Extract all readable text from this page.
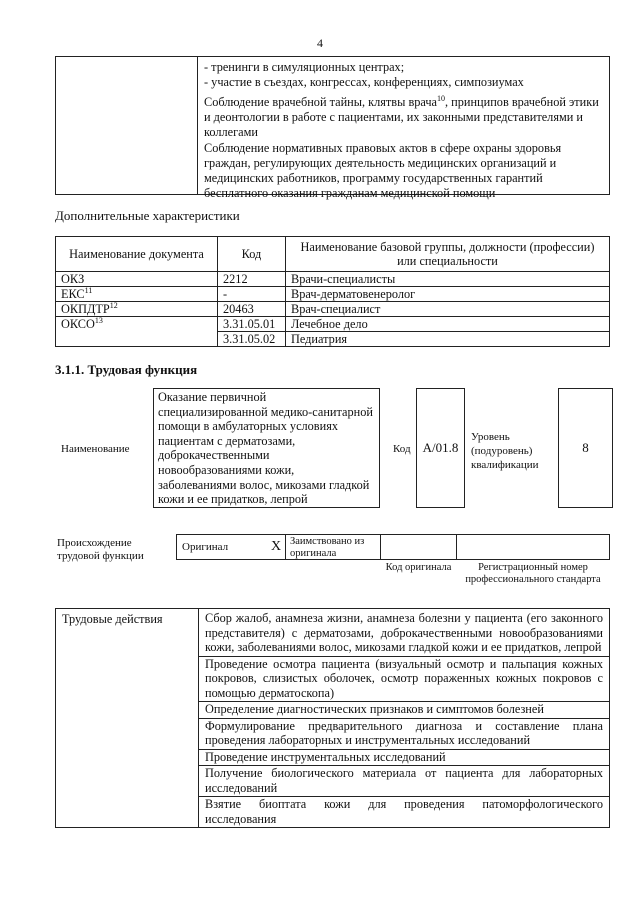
4
- тренинги в симуляционных центрах;
- участие в съездах, конгрессах, конференциях, симпозиумах
Соблюдение врачебной тайны, клятвы врача$^{10}$, принципов врачебной этики и деонтологии в работе с пациентами, их законными представителями и коллегами
Соблюдение нормативных правовых актов в сфере охраны здоровья граждан, регулирующих деятельность медицинских организаций и медицинских работников, программу государственных гарантий бесплатного оказания гражданам медицинской помощи
Дополнительные характеристики
Наименование документа	Код	Наименование базовой группы, должности (профессии) или специальности
ОКЗ	2212	Врачи-специалисты
ЕКС$^{11}$	-	Врач-дерматовенеролог
ОКПДТР$^{12}$	20463	Врач-специалист
ОКСО$^{13}$	3.31.05.01	Лечебное дело
	3.31.05.02	Педиатрия
3.1.1. Трудовая функция
Наименование
Оказание первичной специализированной медико-санитарной помощи в амбулаторных условиях пациентам с дерматозами, доброкачественными новообразованиями кожи, заболеваниями волос, микозами гладкой кожи и ее придатков, лепрой
Код А/01.8
Уровень (подуровень) квалификации
8
Происхождение трудовой функции
Оригинал	X Заимствовано из оригинала
Код оригинала	Регистрационный номер профессионального стандарта
Трудовые действия	Сбор жалоб, анамнеза жизни, анамнеза болезни у пациента (его законного представителя) с дерматозами, доброкачественными новообразованиями кожи, заболеваниями волос, микозами гладкой кожи и ее придатков, лепрой
Проведение осмотра пациента (визуальный осмотр и пальпация кожных покровов, слизистых оболочек, осмотр пораженных кожных покровов с помощью дерматоскопа)
Определение диагностических признаков и симптомов болезней
Формулирование предварительного диагноза и составление плана проведения лабораторных и инструментальных исследований
Проведение инструментальных исследований
Получение биологического материала от пациента для лабораторных исследований
Взятие биоптата кожи для проведения патоморфологического исследования
